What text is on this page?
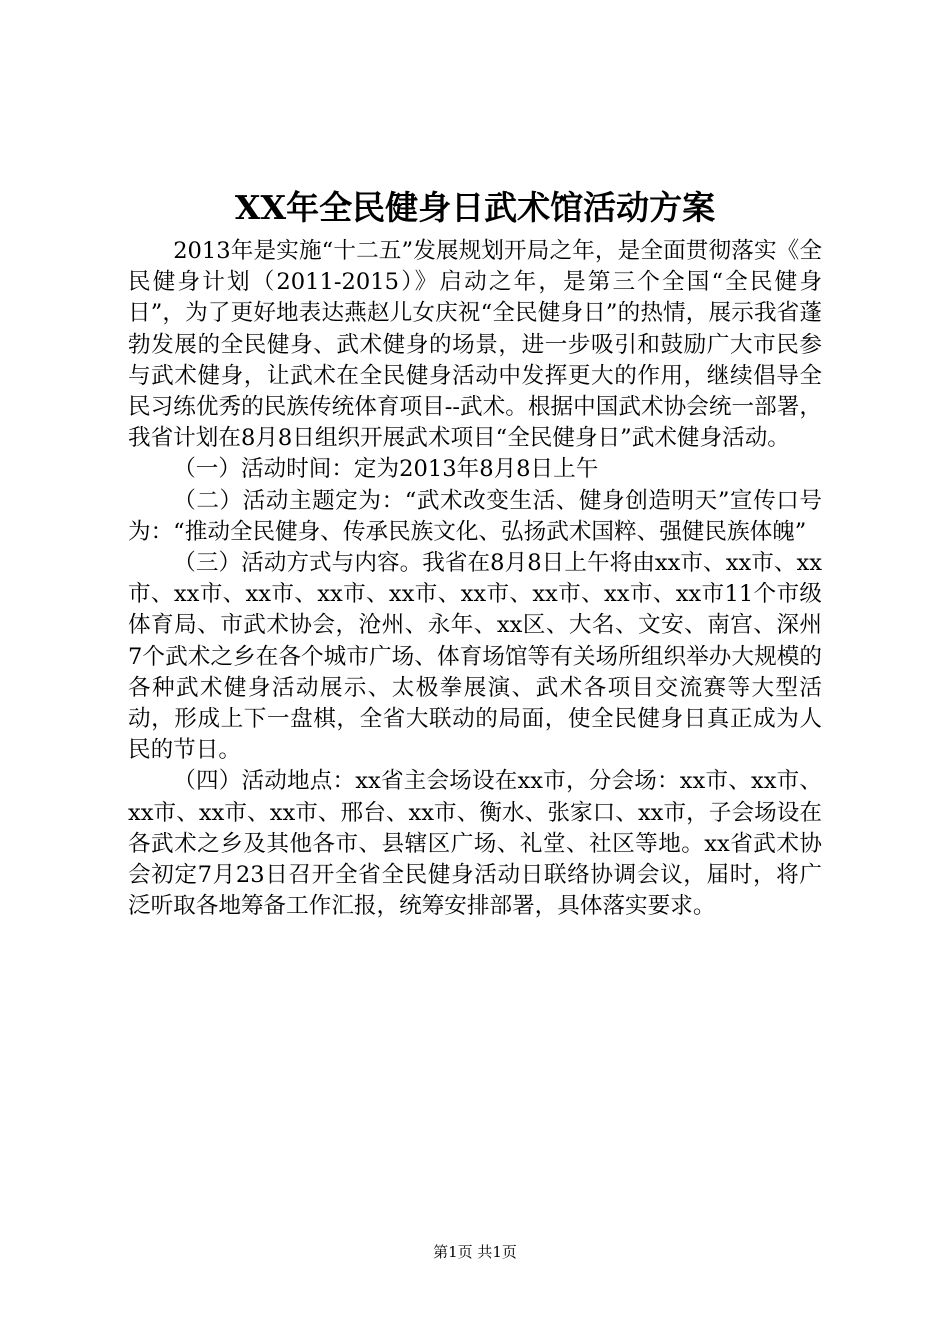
XX年全民健身日武术馆活动方案

2013年是实施“十二五”发展规划开局之年，是全面贯彻落实《全民健身计划（2011-2015）》启动之年，是第三个全国“全民健身日”，为了更好地表达燕赵儿女庆祝“全民健身日”的热情，展示我省蓬勃发展的全民健身、武术健身的场景，进一步吸引和鼓励广大市民参与武术健身，让武术在全民健身活动中发挥更大的作用，继续倡导全民习练优秀的民族传统体育项目--武术。根据中国武术协会统一部署，我省计划在8月8日组织开展武术项目“全民健身日”武术健身活动。

（一）活动时间：定为2013年8月8日上午

（二）活动主题定为：“武术改变生活、健身创造明天”宣传口号为：“推动全民健身、传承民族文化、弘扬武术国粹、强健民族体魄”

（三）活动方式与内容。我省在8月8日上午将由xx市、xx市、xx市、xx市、xx市、xx市、xx市、xx市、xx市、xx市、xx市11个市级体育局、市武术协会，沧州、永年、xx区、大名、文安、南宫、深州7个武术之乡在各个城市广场、体育场馆等有关场所组织举办大规模的各种武术健身活动展示、太极拳展演、武术各项目交流赛等大型活动，形成上下一盘棋，全省大联动的局面，使全民健身日真正成为人民的节日。

（四）活动地点：xx省主会场设在xx市，分会场：xx市、xx市、xx市、xx市、xx市、邢台、xx市、衡水、张家口、xx市，子会场设在各武术之乡及其他各市、县辖区广场、礼堂、社区等地。xx省武术协会初定7月23日召开全省全民健身活动日联络协调会议，届时，将广泛听取各地筹备工作汇报，统筹安排部署，具体落实要求。

第1页 共1页
